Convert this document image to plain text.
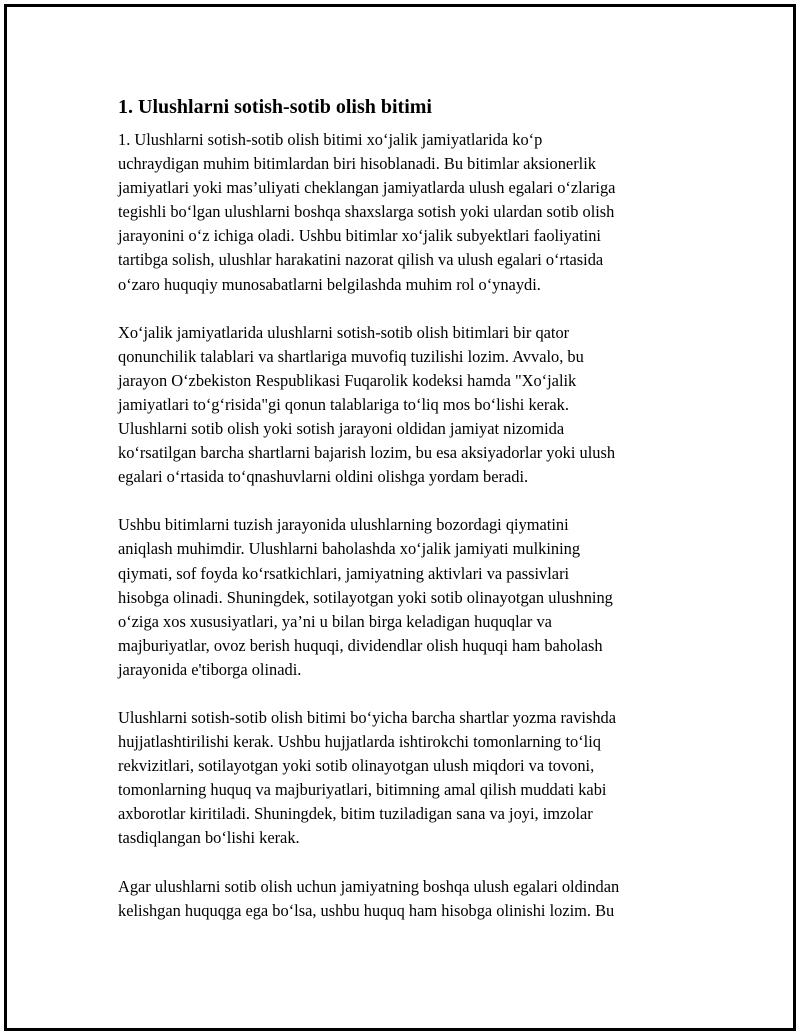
1. Ulushlarni sotish-sotib olish bitimi

1. Ulushlarni sotish-sotib olish bitimi xo‘jalik jamiyatlarida ko‘p
uchraydigan muhim bitimlardan biri hisoblanadi. Bu bitimlar aksionerlik
jamiyatlari yoki mas’uliyati cheklangan jamiyatlarda ulush egalari o‘zlariga
tegishli bo‘lgan ulushlarni boshqa shaxslarga sotish yoki ulardan sotib olish
jarayonini o‘z ichiga oladi. Ushbu bitimlar xo‘jalik subyektlari faoliyatini
tartibga solish, ulushlar harakatini nazorat qilish va ulush egalari o‘rtasida
o‘zaro huquqiy munosabatlarni belgilashda muhim rol o‘ynaydi.

Xo‘jalik jamiyatlarida ulushlarni sotish-sotib olish bitimlari bir qator
qonunchilik talablari va shartlariga muvofiq tuzilishi lozim. Avvalo, bu
jarayon O‘zbekiston Respublikasi Fuqarolik kodeksi hamda "Xo‘jalik
jamiyatlari to‘g‘risida"gi qonun talablariga to‘liq mos bo‘lishi kerak.
Ulushlarni sotib olish yoki sotish jarayoni oldidan jamiyat nizomida
ko‘rsatilgan barcha shartlarni bajarish lozim, bu esa aksiyadorlar yoki ulush
egalari o‘rtasida to‘qnashuvlarni oldini olishga yordam beradi.

Ushbu bitimlarni tuzish jarayonida ulushlarning bozordagi qiymatini
aniqlash muhimdir. Ulushlarni baholashda xo‘jalik jamiyati mulkining
qiymati, sof foyda ko‘rsatkichlari, jamiyatning aktivlari va passivlari
hisobga olinadi. Shuningdek, sotilayotgan yoki sotib olinayotgan ulushning
o‘ziga xos xususiyatlari, ya’ni u bilan birga keladigan huquqlar va
majburiyatlar, ovoz berish huquqi, dividendlar olish huquqi ham baholash
jarayonida e'tiborga olinadi.

Ulushlarni sotish-sotib olish bitimi bo‘yicha barcha shartlar yozma ravishda
hujjatlashtirilishi kerak. Ushbu hujjatlarda ishtirokchi tomonlarning to‘liq
rekvizitlari, sotilayotgan yoki sotib olinayotgan ulush miqdori va tovoni,
tomonlarning huquq va majburiyatlari, bitimning amal qilish muddati kabi
axborotlar kiritiladi. Shuningdek, bitim tuziladigan sana va joyi, imzolar
tasdiqlangan bo‘lishi kerak.

Agar ulushlarni sotib olish uchun jamiyatning boshqa ulush egalari oldindan
kelishgan huquqga ega bo‘lsa, ushbu huquq ham hisobga olinishi lozim. Bu
